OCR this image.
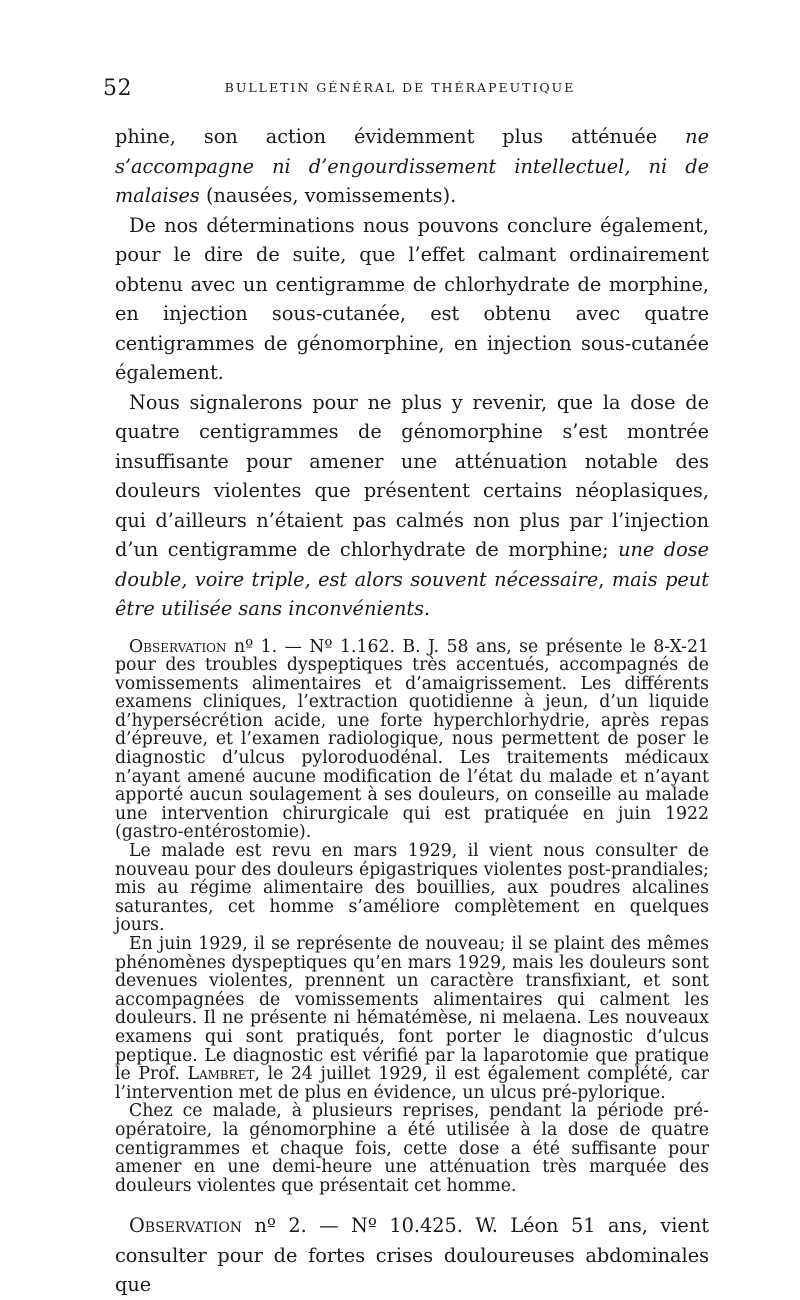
52	BULLETIN GÉNÉRAL DE THÉRAPEUTIQUE

phine, son action évidemment plus atténuée ne s’accompagne ni d’engourdissement intellectuel, ni de malaises (nausées, vomissements).

De nos déterminations nous pouvons conclure également, pour le dire de suite, que l’effet calmant ordinairement obtenu avec un centigramme de chlorhydrate de morphine, en injection sous-cutanée, est obtenu avec quatre centigrammes de génomorphine, en injection sous-cutanée également.

Nous signalerons pour ne plus y revenir, que la dose de quatre centigrammes de génomorphine s’est montrée insuffisante pour amener une atténuation notable des douleurs violentes que présentent certains néoplasiques, qui d’ailleurs n’étaient pas calmés non plus par l’injection d’un centigramme de chlorhydrate de morphine; une dose double, voire triple, est alors souvent nécessaire, mais peut être utilisée sans inconvénients.

Observation nº 1. — Nº 1.162. B. J. 58 ans, se présente le 8-X-21 pour des troubles dyspeptiques très accentués, accompagnés de vomissements alimentaires et d’amaigrissement. Les différents examens cliniques, l’extraction quotidienne à jeun, d’un liquide d’hypersécrétion acide, une forte hyperchlorhydrie, après repas d’épreuve, et l’examen radiologique, nous permettent de poser le diagnostic d’ulcus pyloroduodénal. Les traitements médicaux n’ayant amené aucune modification de l’état du malade et n’ayant apporté aucun soulagement à ses douleurs, on conseille au malade une intervention chirurgicale qui est pratiquée en juin 1922 (gastro-entérostomie).

Le malade est revu en mars 1929, il vient nous consulter de nouveau pour des douleurs épigastriques violentes post-prandiales; mis au régime alimentaire des bouillies, aux poudres alcalines saturantes, cet homme s’améliore complètement en quelques jours.

En juin 1929, il se représente de nouveau; il se plaint des mêmes phénomènes dyspeptiques qu’en mars 1929, mais les douleurs sont devenues violentes, prennent un caractère transfixiant, et sont accompagnées de vomissements alimentaires qui calment les douleurs. Il ne présente ni hématémèse, ni melaena. Les nouveaux examens qui sont pratiqués, font porter le diagnostic d’ulcus peptique. Le diagnostic est vérifié par la laparotomie que pratique le Prof. Lambret, le 24 juillet 1929, il est également complété, car l’intervention met de plus en évidence, un ulcus pré-pylorique.

Chez ce malade, à plusieurs reprises, pendant la période pré-opératoire, la génomorphine a été utilisée à la dose de quatre centigrammes et chaque fois, cette dose a été suffisante pour amener en une demi-heure une atténuation très marquée des douleurs violentes que présentait cet homme.

Observation nº 2. — Nº 10.425. W. Léon 51 ans, vient consulter pour de fortes crises douloureuses abdominales que
